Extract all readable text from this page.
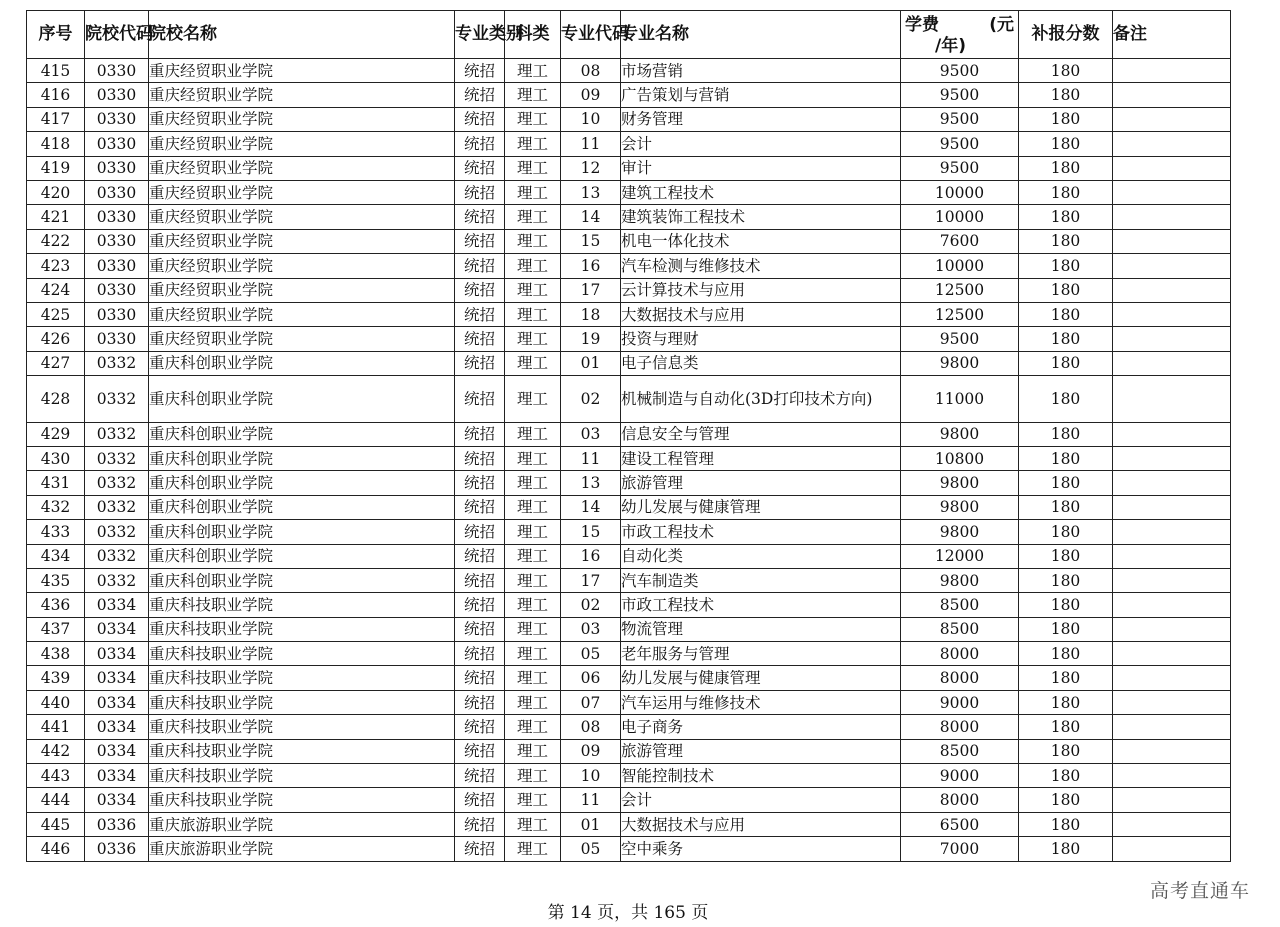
序号	院校代码	院校名称	专业类别	科类	专业代码	专业名称	学费 (元
/年)	补报分数	备注
415	0330	重庆经贸职业学院	统招	理工	08	市场营销	9500	180	
416	0330	重庆经贸职业学院	统招	理工	09	广告策划与营销	9500	180	
417	0330	重庆经贸职业学院	统招	理工	10	财务管理	9500	180	
418	0330	重庆经贸职业学院	统招	理工	11	会计	9500	180	
419	0330	重庆经贸职业学院	统招	理工	12	审计	9500	180	
420	0330	重庆经贸职业学院	统招	理工	13	建筑工程技术	10000	180	
421	0330	重庆经贸职业学院	统招	理工	14	建筑装饰工程技术	10000	180	
422	0330	重庆经贸职业学院	统招	理工	15	机电一体化技术	7600	180	
423	0330	重庆经贸职业学院	统招	理工	16	汽车检测与维修技术	10000	180	
424	0330	重庆经贸职业学院	统招	理工	17	云计算技术与应用	12500	180	
425	0330	重庆经贸职业学院	统招	理工	18	大数据技术与应用	12500	180	
426	0330	重庆经贸职业学院	统招	理工	19	投资与理财	9500	180	
427	0332	重庆科创职业学院	统招	理工	01	电子信息类	9800	180	
428	0332	重庆科创职业学院	统招	理工	02	机械制造与自动化(3D打印技术方向)	11000	180	
429	0332	重庆科创职业学院	统招	理工	03	信息安全与管理	9800	180	
430	0332	重庆科创职业学院	统招	理工	11	建设工程管理	10800	180	
431	0332	重庆科创职业学院	统招	理工	13	旅游管理	9800	180	
432	0332	重庆科创职业学院	统招	理工	14	幼儿发展与健康管理	9800	180	
433	0332	重庆科创职业学院	统招	理工	15	市政工程技术	9800	180	
434	0332	重庆科创职业学院	统招	理工	16	自动化类	12000	180	
435	0332	重庆科创职业学院	统招	理工	17	汽车制造类	9800	180	
436	0334	重庆科技职业学院	统招	理工	02	市政工程技术	8500	180	
437	0334	重庆科技职业学院	统招	理工	03	物流管理	8500	180	
438	0334	重庆科技职业学院	统招	理工	05	老年服务与管理	8000	180	
439	0334	重庆科技职业学院	统招	理工	06	幼儿发展与健康管理	8000	180	
440	0334	重庆科技职业学院	统招	理工	07	汽车运用与维修技术	9000	180	
441	0334	重庆科技职业学院	统招	理工	08	电子商务	8000	180	
442	0334	重庆科技职业学院	统招	理工	09	旅游管理	8500	180	
443	0334	重庆科技职业学院	统招	理工	10	智能控制技术	9000	180	
444	0334	重庆科技职业学院	统招	理工	11	会计	8000	180	
445	0336	重庆旅游职业学院	统招	理工	01	大数据技术与应用	6500	180	
446	0336	重庆旅游职业学院	统招	理工	05	空中乘务	7000	180	
第 14 页，共 165 页
高考直通车
